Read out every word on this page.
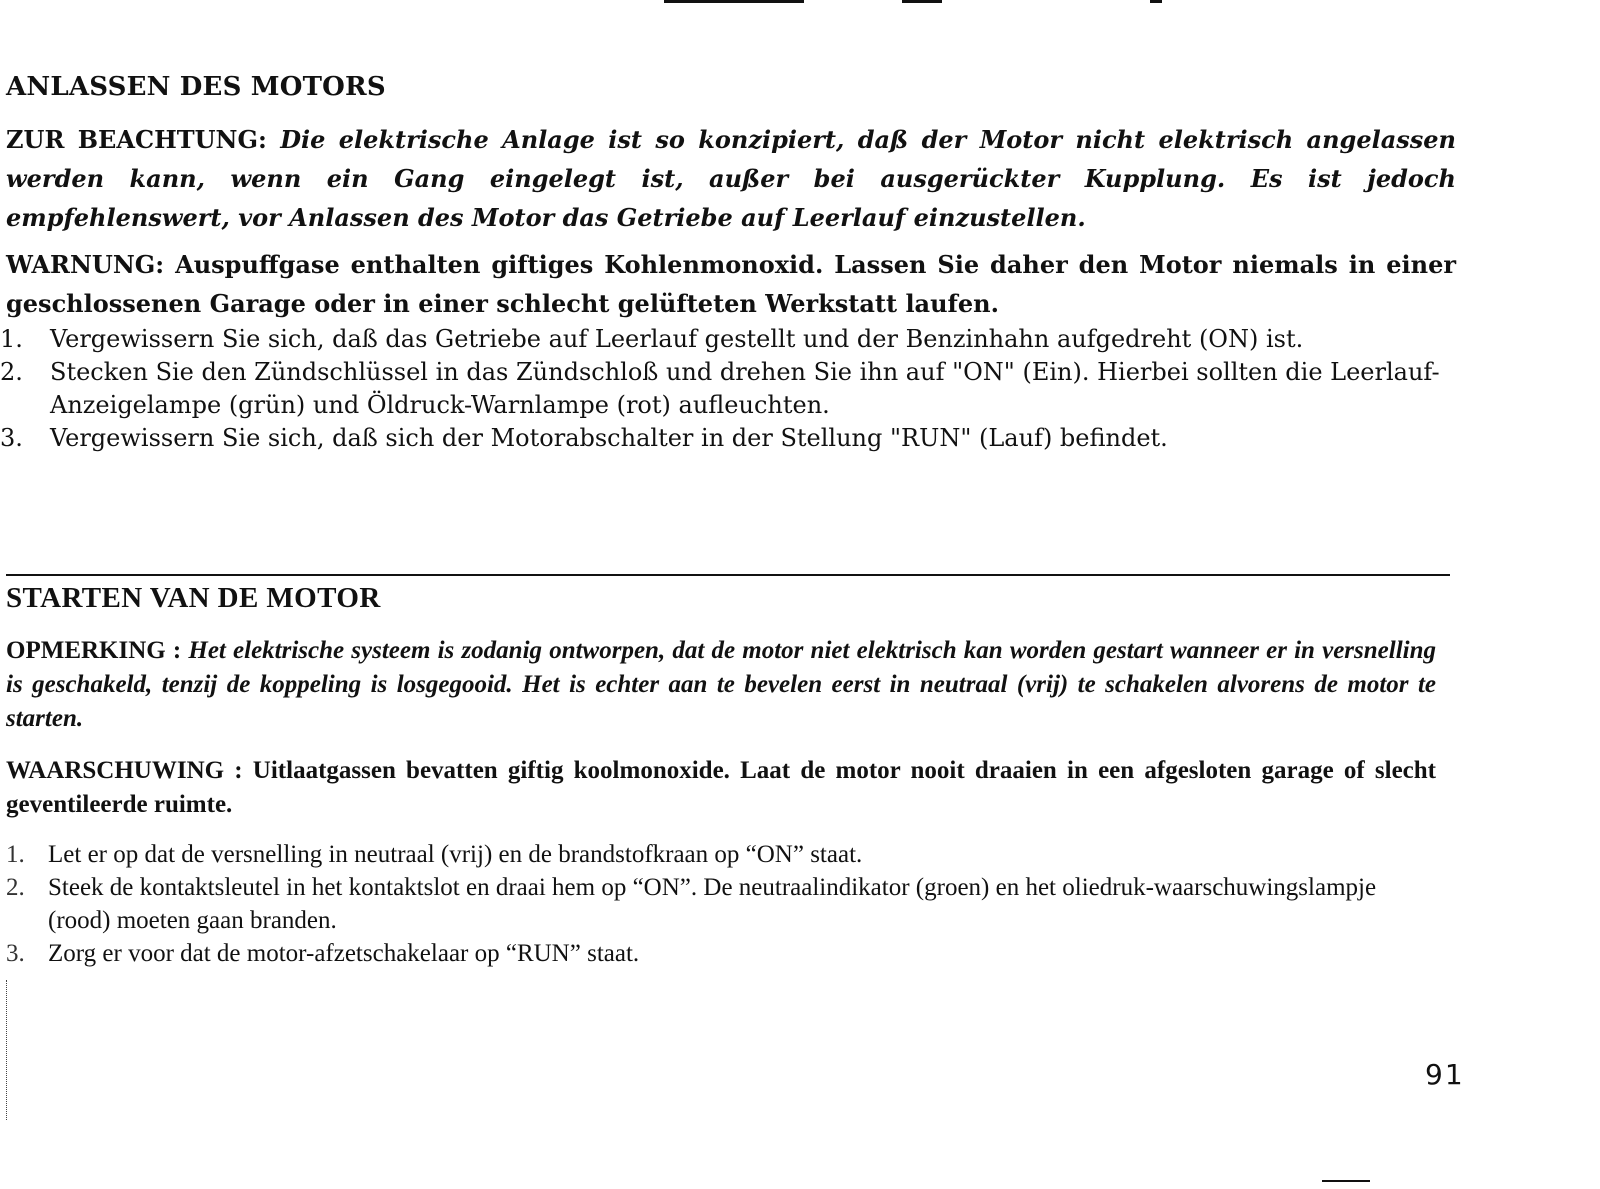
ANLASSEN DES MOTORS

ZUR BEACHTUNG: Die elektrische Anlage ist so konzipiert, daß der Motor nicht elektrisch angelassen werden kann, wenn ein Gang eingelegt ist, außer bei ausgerückter Kupplung. Es ist jedoch empfehlenswert, vor Anlassen des Motor das Getriebe auf Leerlauf einzustellen.

WARNUNG: Auspuffgase enthalten giftiges Kohlenmonoxid. Lassen Sie daher den Motor niemals in einer geschlossenen Garage oder in einer schlecht gelüfteten Werkstatt laufen.

1. Vergewissern Sie sich, daß das Getriebe auf Leerlauf gestellt und der Benzinhahn aufgedreht (ON) ist.
2. Stecken Sie den Zündschlüssel in das Zündschloß und drehen Sie ihn auf "ON" (Ein). Hierbei sollten die Leerlauf-Anzeigelampe (grün) und Öldruck-Warnlampe (rot) aufleuchten.
3. Vergewissern Sie sich, daß sich der Motorabschalter in der Stellung "RUN" (Lauf) befindet.
STARTEN VAN DE MOTOR

OPMERKING : Het elektrische systeem is zodanig ontworpen, dat de motor niet elektrisch kan worden gestart wanneer er in versnelling is geschakeld, tenzij de koppeling is losgegooid. Het is echter aan te bevelen eerst in neutraal (vrij) te schakelen alvorens de motor te starten.

WAARSCHUWING : Uitlaatgassen bevatten giftig koolmonoxide. Laat de motor nooit draaien in een afgesloten garage of slecht geventileerde ruimte.

1. Let er op dat de versnelling in neutraal (vrij) en de brandstofkraan op “ON” staat.
2. Steek de kontaktsleutel in het kontaktslot en draai hem op “ON”. De neutraalindikator (groen) en het oliedruk-waarschuwingslampje (rood) moeten gaan branden.
3. Zorg er voor dat de motor-afzetschakelaar op “RUN” staat.
91
